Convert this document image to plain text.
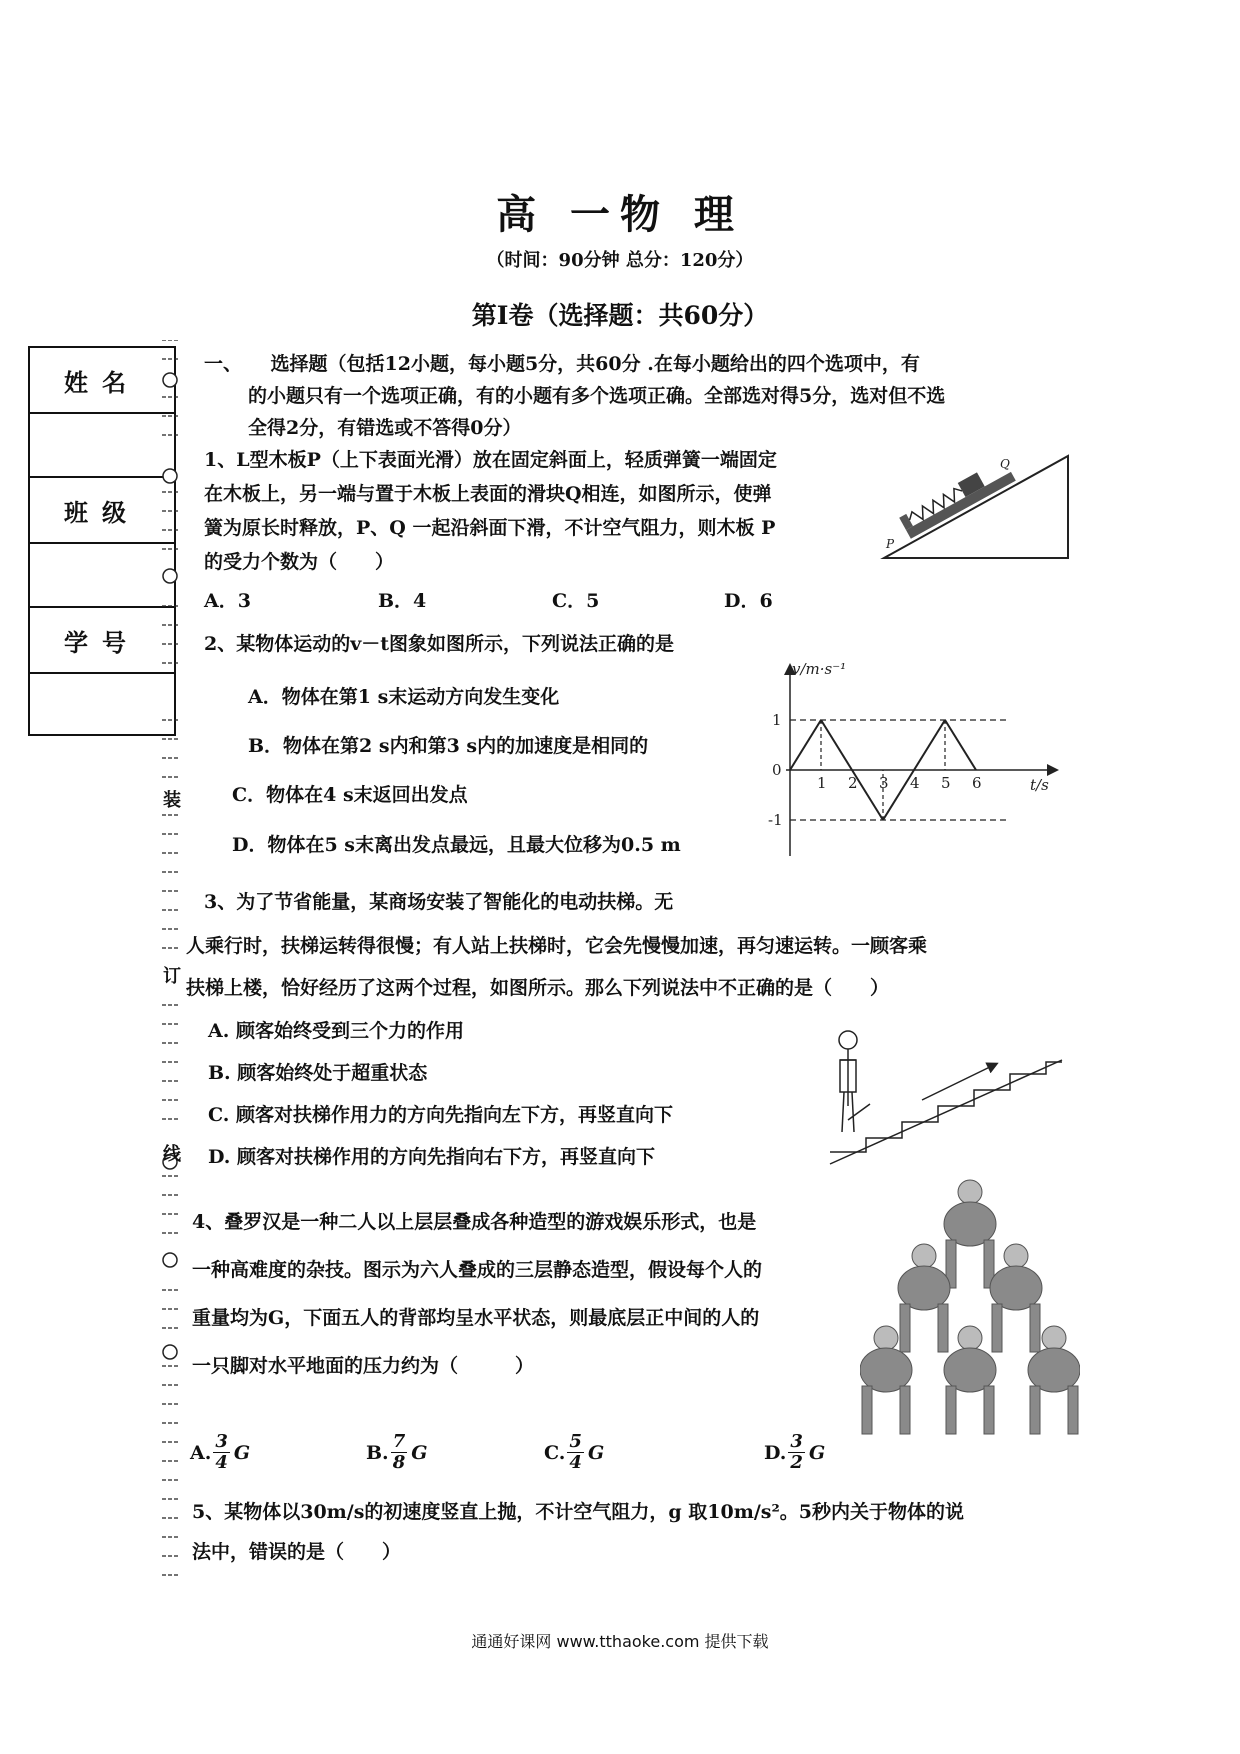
高 一物 理
（时间：90分钟 总分：120分）
第Ⅰ卷（选择题：共60分）
姓名
班级
学号
装
订
线
一、　　选择题（包括12小题，每小题5分，共60分 .在每小题给出的四个选项中，有
的小题只有一个选项正确，有的小题有多个选项正确。全部选对得5分，选对但不选
全得2分，有错选或不答得0分）
1、L型木板P（上下表面光滑）放在固定斜面上，轻质弹簧一端固定
在木板上，另一端与置于木板上表面的滑块Q相连，如图所示，使弹
簧为原长时释放，P、Q 一起沿斜面下滑，不计空气阻力，则木板 P
的受力个数为（　　）
A．3	B．4	C．5	D．6
P
Q
2、某物体运动的v－t图象如图所示，下列说法正确的是
A．物体在第1 s末运动方向发生变化
B．物体在第2 s内和第3 s内的加速度是相同的
C．物体在4 s末返回出发点
D．物体在5 s末离出发点最远，且最大位移为0.5 m
v/m·s⁻¹
t/s
1
0
-1
1 2 3 4 5 6
3、为了节省能量，某商场安装了智能化的电动扶梯。无
人乘行时，扶梯运转得很慢；有人站上扶梯时，它会先慢慢加速，再匀速运转。一顾客乘
扶梯上楼，恰好经历了这两个过程，如图所示。那么下列说法中不正确的是（　　）
A. 顾客始终受到三个力的作用
B. 顾客始终处于超重状态
C. 顾客对扶梯作用力的方向先指向左下方，再竖直向下
D. 顾客对扶梯作用的方向先指向右下方，再竖直向下
4、叠罗汉是一种二人以上层层叠成各种造型的游戏娱乐形式，也是
一种高难度的杂技。图示为六人叠成的三层静态造型，假设每个人的
重量均为G，下面五人的背部均呈水平状态，则最底层正中间的人的
一只脚对水平地面的压力约为（　　　）
A. $\frac{3}{4}$ G	B. $\frac{7}{8}$ G	C. $\frac{5}{4}$ G	D. $\frac{3}{2}$ G
5、某物体以30m/s的初速度竖直上抛，不计空气阻力，g 取10m/s²。5秒内关于物体的说
法中，错误的是（　　）
通通好课网 www.tthaoke.com 提供下载
